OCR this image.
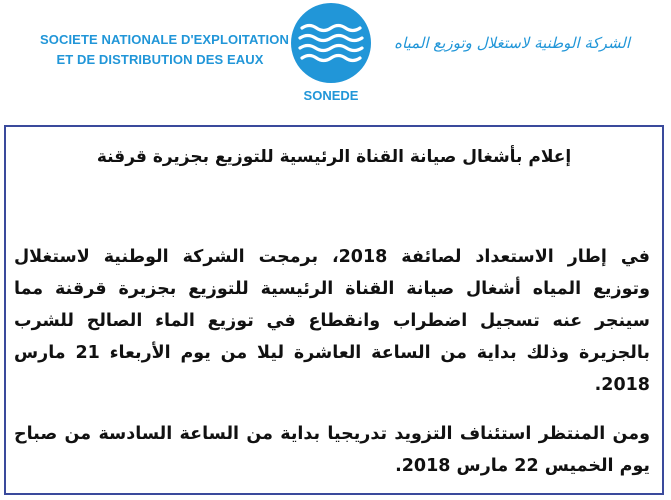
SOCIETE NATIONALE D'EXPLOITATION
ET DE DISTRIBUTION DES EAUX
SONEDE
الشركة الوطنية لاستغلال وتوزيع المياه
إعلام بأشغال صيانة القناة الرئيسية للتوزيع بجزيرة قرقنة
في إطار الاستعداد لصائفة 2018، برمجت الشركة الوطنية لاستغلال وتوزيع المياه أشغال صيانة القناة الرئيسية للتوزيع بجزيرة قرقنة مما سينجر عنه تسجيل اضطراب وانقطاع في توزيع الماء الصالح للشرب بالجزيرة وذلك بداية من الساعة العاشرة ليلا من يوم الأربعاء 21 مارس 2018.
ومن المنتظر استئناف التزويد تدريجيا بداية من الساعة السادسة من صباح يوم الخميس 22 مارس 2018.
